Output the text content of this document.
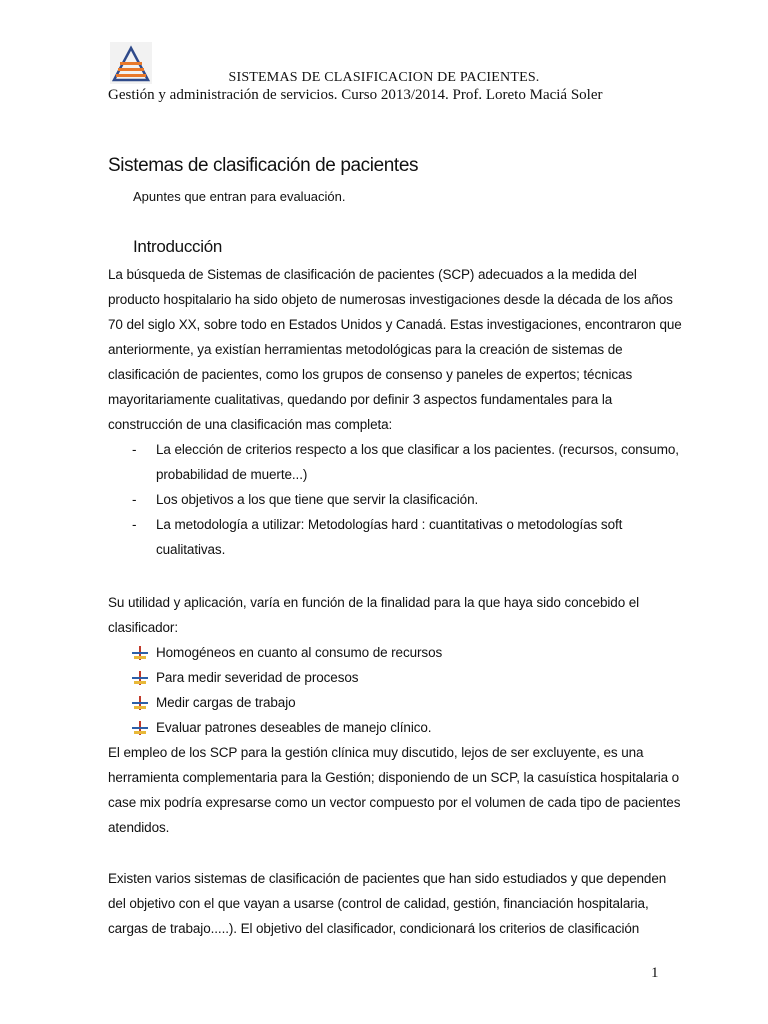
SISTEMAS DE CLASIFICACION DE PACIENTES.
Gestión y administración de servicios. Curso 2013/2014. Prof. Loreto Maciá Soler
Sistemas de clasificación de pacientes
Apuntes que entran para evaluación.
Introducción
La búsqueda de Sistemas de clasificación de pacientes (SCP) adecuados a la medida del
producto hospitalario ha sido objeto de numerosas investigaciones desde la década de los años
70 del siglo XX, sobre todo en Estados Unidos y Canadá. Estas investigaciones, encontraron que
anteriormente, ya existían herramientas metodológicas para la creación de sistemas de
clasificación de pacientes, como los grupos de consenso y paneles de expertos; técnicas
mayoritariamente cualitativas, quedando por definir 3 aspectos fundamentales para la
construcción de una clasificación mas completa:
- La elección de criterios respecto a los que clasificar a los pacientes. (recursos, consumo,
probabilidad de muerte...)
- Los objetivos a los que tiene que servir la clasificación.
- La metodología a utilizar: Metodologías hard : cuantitativas o metodologías soft
cualitativas.
Su utilidad y aplicación, varía en función de la finalidad para la que haya sido concebido el
clasificador:
Homogéneos en cuanto al consumo de recursos
Para medir severidad de procesos
Medir cargas de trabajo
Evaluar patrones deseables de manejo clínico.
El empleo de los SCP para la gestión clínica muy discutido, lejos de ser excluyente, es una
herramienta complementaria para la Gestión; disponiendo de un SCP, la casuística hospitalaria o
case mix podría expresarse como un vector compuesto por el volumen de cada tipo de pacientes
atendidos.
Existen varios sistemas de clasificación de pacientes que han sido estudiados y que dependen
del objetivo con el que vayan a usarse (control de calidad, gestión, financiación hospitalaria,
cargas de trabajo.....). El objetivo del clasificador, condicionará los criterios de clasificación
1
